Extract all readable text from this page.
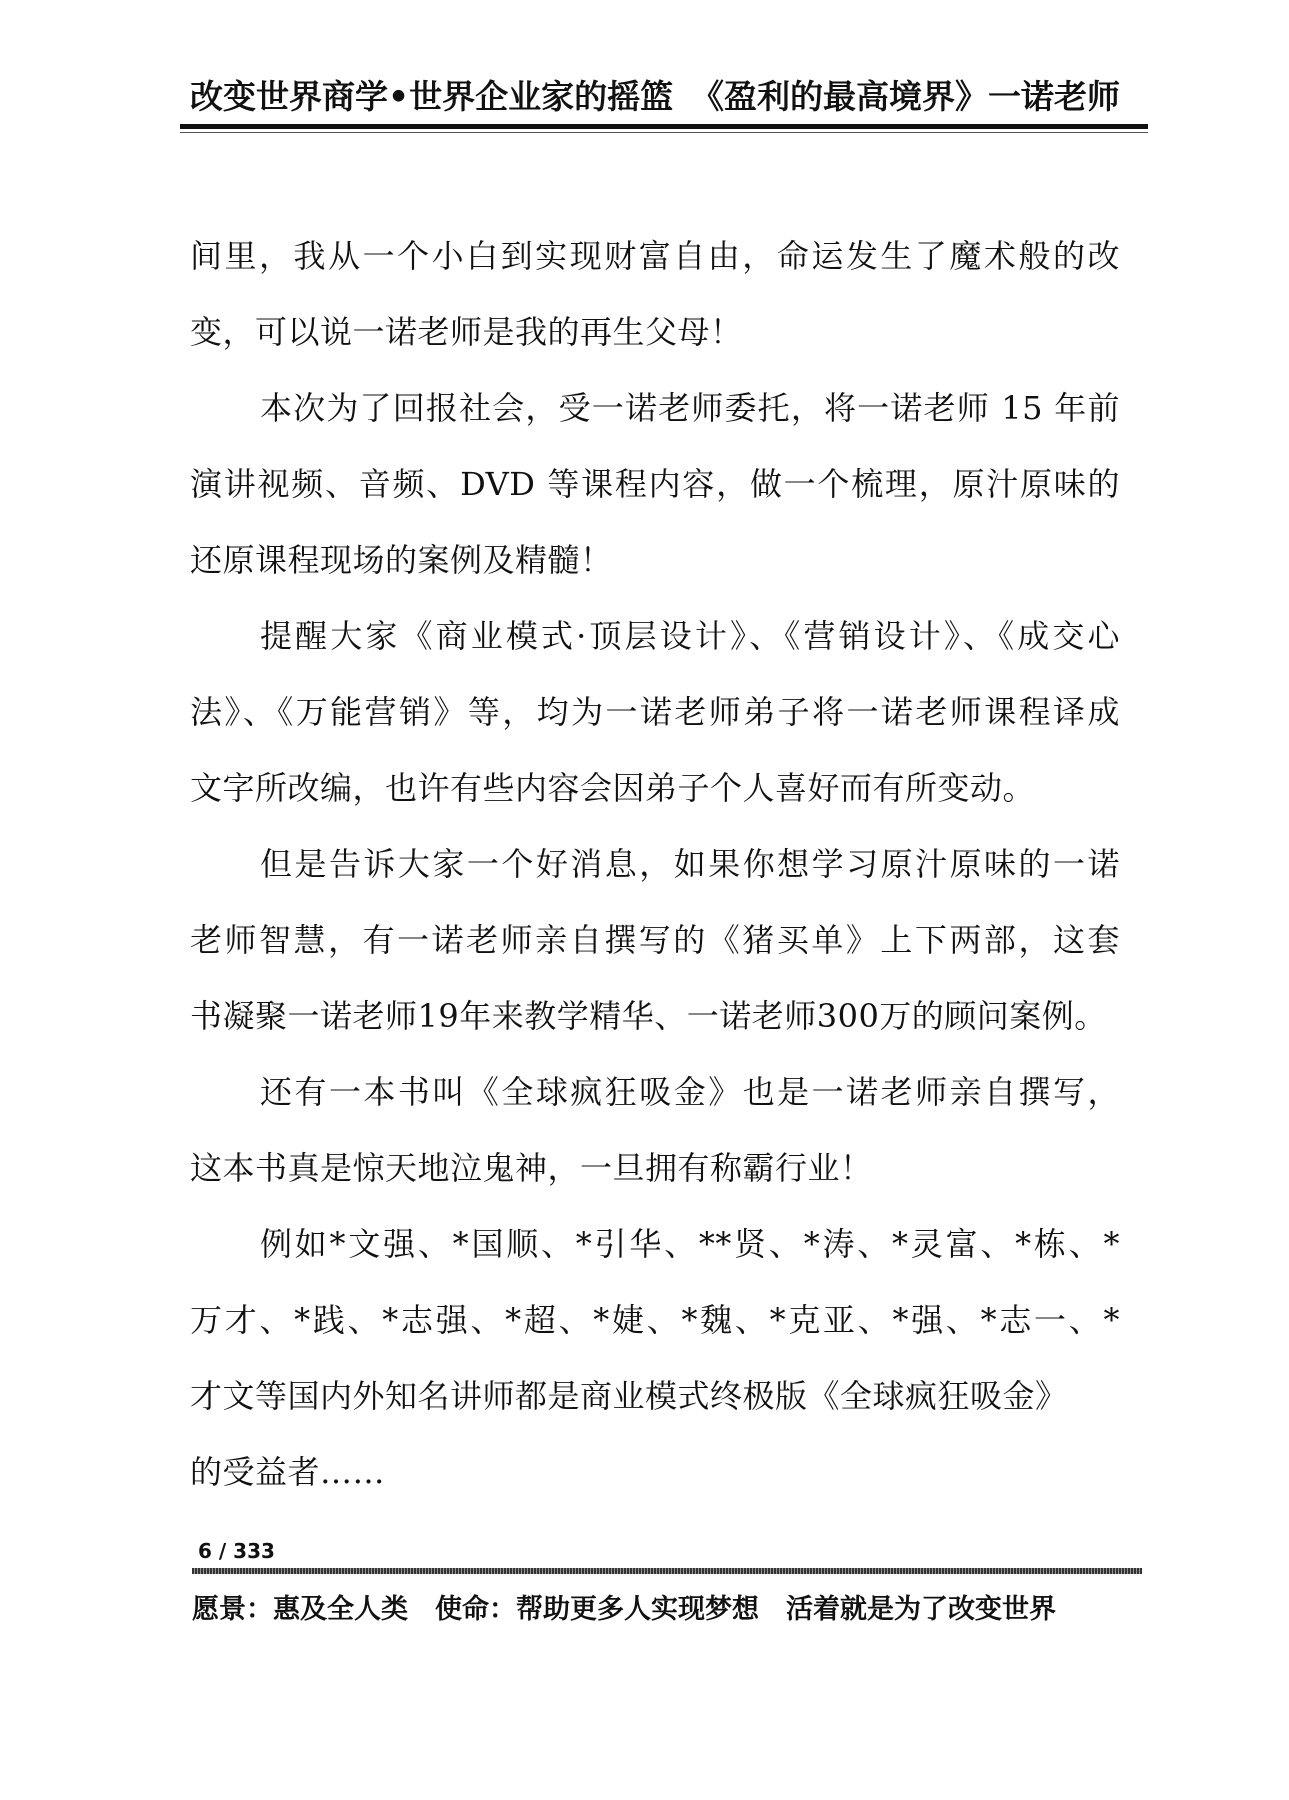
改变世界商学•世界企业家的摇篮 《盈利的最高境界》一诺老师
间里，我从一个小白到实现财富自由，命运发生了魔术般的改
变，可以说一诺老师是我的再生父母！
本次为了回报社会，受一诺老师委托，将一诺老师 15 年前
演讲视频、音频、DVD 等课程内容，做一个梳理，原汁原味的
还原课程现场的案例及精髓！
提醒大家《商业模式·顶层设计》、《营销设计》、《成交心
法》、《万能营销》等，均为一诺老师弟子将一诺老师课程译成
文字所改编，也许有些内容会因弟子个人喜好而有所变动。
但是告诉大家一个好消息，如果你想学习原汁原味的一诺
老师智慧，有一诺老师亲自撰写的《猪买单》上下两部，这套
书凝聚一诺老师19年来教学精华、一诺老师300万的顾问案例。
还有一本书叫《全球疯狂吸金》也是一诺老师亲自撰写，
这本书真是惊天地泣鬼神，一旦拥有称霸行业！
例如*文强、*国顺、*引华、**贤、*涛、*灵富、*栋、*
万才、*践、*志强、*超、*婕、*魏、*克亚、*强、*志一、*
才文等国内外知名讲师都是商业模式终极版《全球疯狂吸金》
的受益者……
6 / 333
愿景：惠及全人类　使命：帮助更多人实现梦想　活着就是为了改变世界
